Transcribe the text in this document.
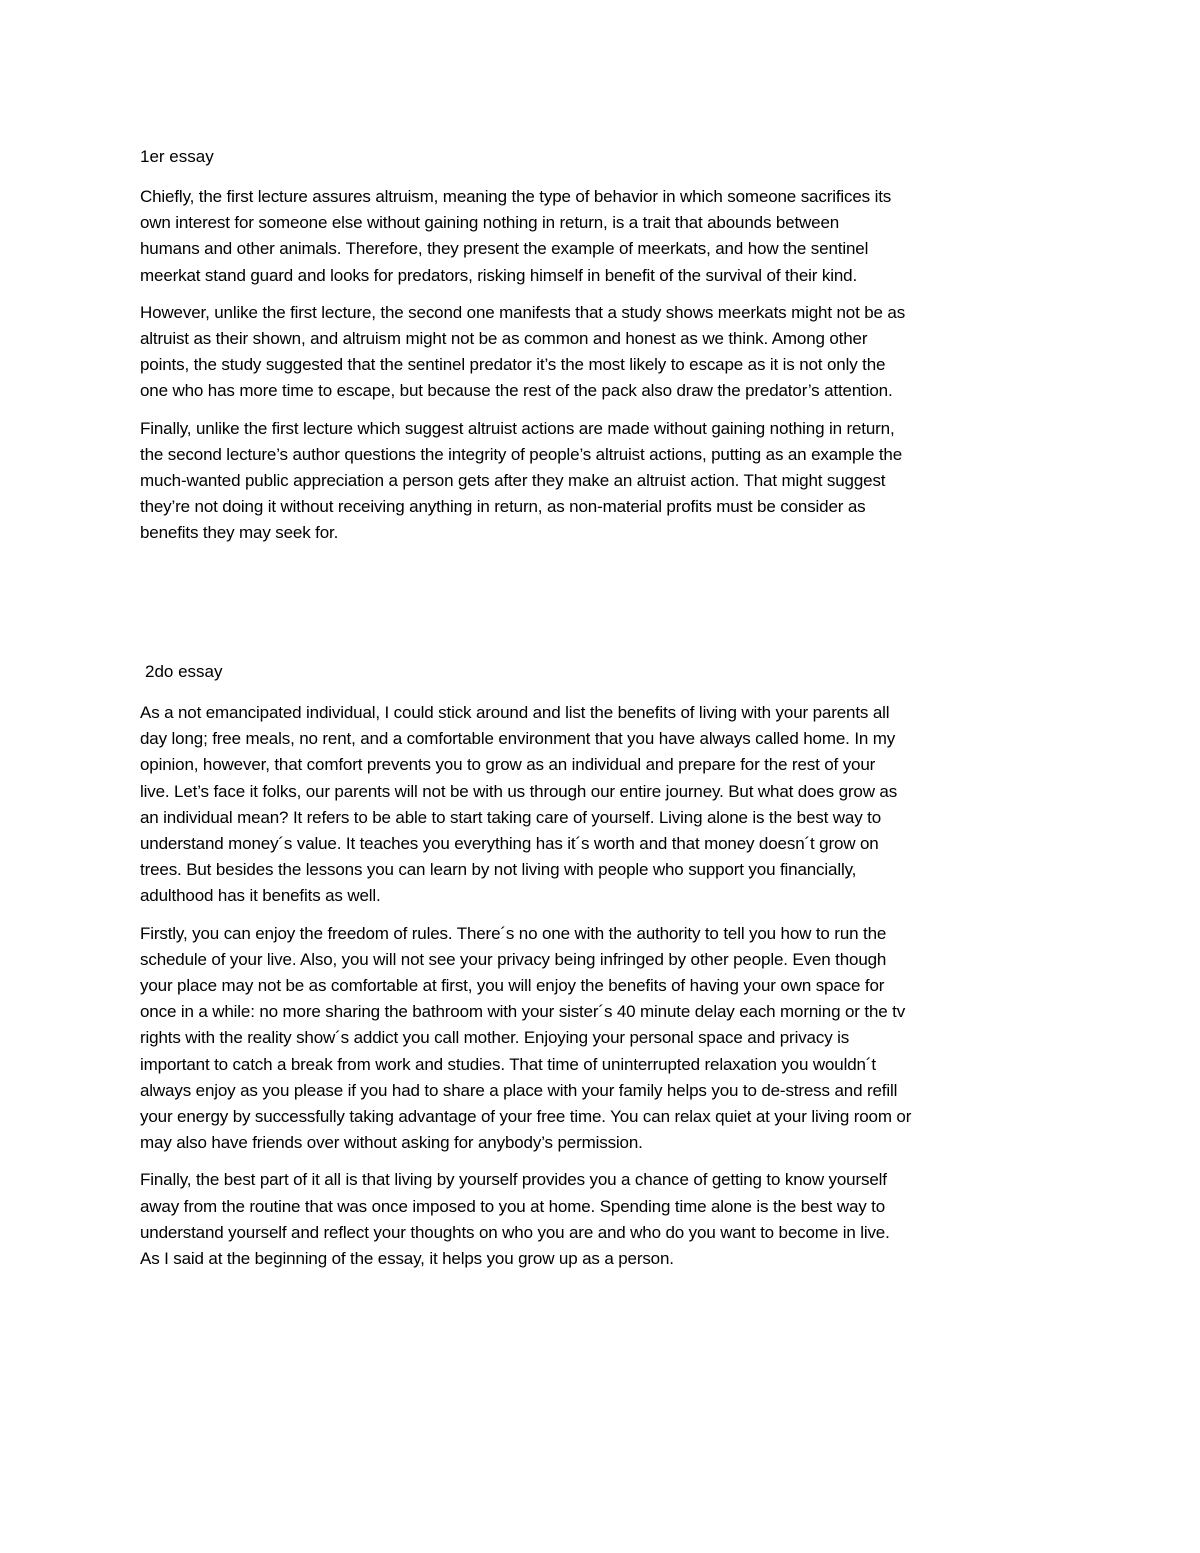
1er essay

Chiefly, the first lecture assures altruism, meaning the type of behavior in which someone sacrifices its
own interest for someone else without gaining nothing in return, is a trait that abounds between
humans and other animals. Therefore, they present the example of meerkats, and how the sentinel
meerkat stand guard and looks for predators, risking himself in benefit of the survival of their kind.

However, unlike the first lecture, the second one manifests that a study shows meerkats might not be as
altruist as their shown, and altruism might not be as common and honest as we think. Among other
points, the study suggested that the sentinel predator it’s the most likely to escape as it is not only the
one who has more time to escape, but because the rest of the pack also draw the predator’s attention.

Finally, unlike the first lecture which suggest altruist actions are made without gaining nothing in return,
the second lecture’s author questions the integrity of people’s altruist actions, putting as an example the
much-wanted public appreciation a person gets after they make an altruist action. That might suggest
they’re not doing it without receiving anything in return, as non-material profits must be consider as
benefits they may seek for.

2do essay

As a not emancipated individual, I could stick around and list the benefits of living with your parents all
day long; free meals, no rent, and a comfortable environment that you have always called home. In my
opinion, however, that comfort prevents you to grow as an individual and prepare for the rest of your
live. Let’s face it folks, our parents will not be with us through our entire journey. But what does grow as
an individual mean? It refers to be able to start taking care of yourself. Living alone is the best way to
understand money´s value. It teaches you everything has it´s worth and that money doesn´t grow on
trees. But besides the lessons you can learn by not living with people who support you financially,
adulthood has it benefits as well.

Firstly, you can enjoy the freedom of rules. There´s no one with the authority to tell you how to run the
schedule of your live. Also, you will not see your privacy being infringed by other people. Even though
your place may not be as comfortable at first, you will enjoy the benefits of having your own space for
once in a while: no more sharing the bathroom with your sister´s 40 minute delay each morning or the tv
rights with the reality show´s addict you call mother. Enjoying your personal space and privacy is
important to catch a break from work and studies. That time of uninterrupted relaxation you wouldn´t
always enjoy as you please if you had to share a place with your family helps you to de-stress and refill
your energy by successfully taking advantage of your free time. You can relax quiet at your living room or
may also have friends over without asking for anybody’s permission.

Finally, the best part of it all is that living by yourself provides you a chance of getting to know yourself
away from the routine that was once imposed to you at home. Spending time alone is the best way to
understand yourself and reflect your thoughts on who you are and who do you want to become in live.
As I said at the beginning of the essay, it helps you grow up as a person.
